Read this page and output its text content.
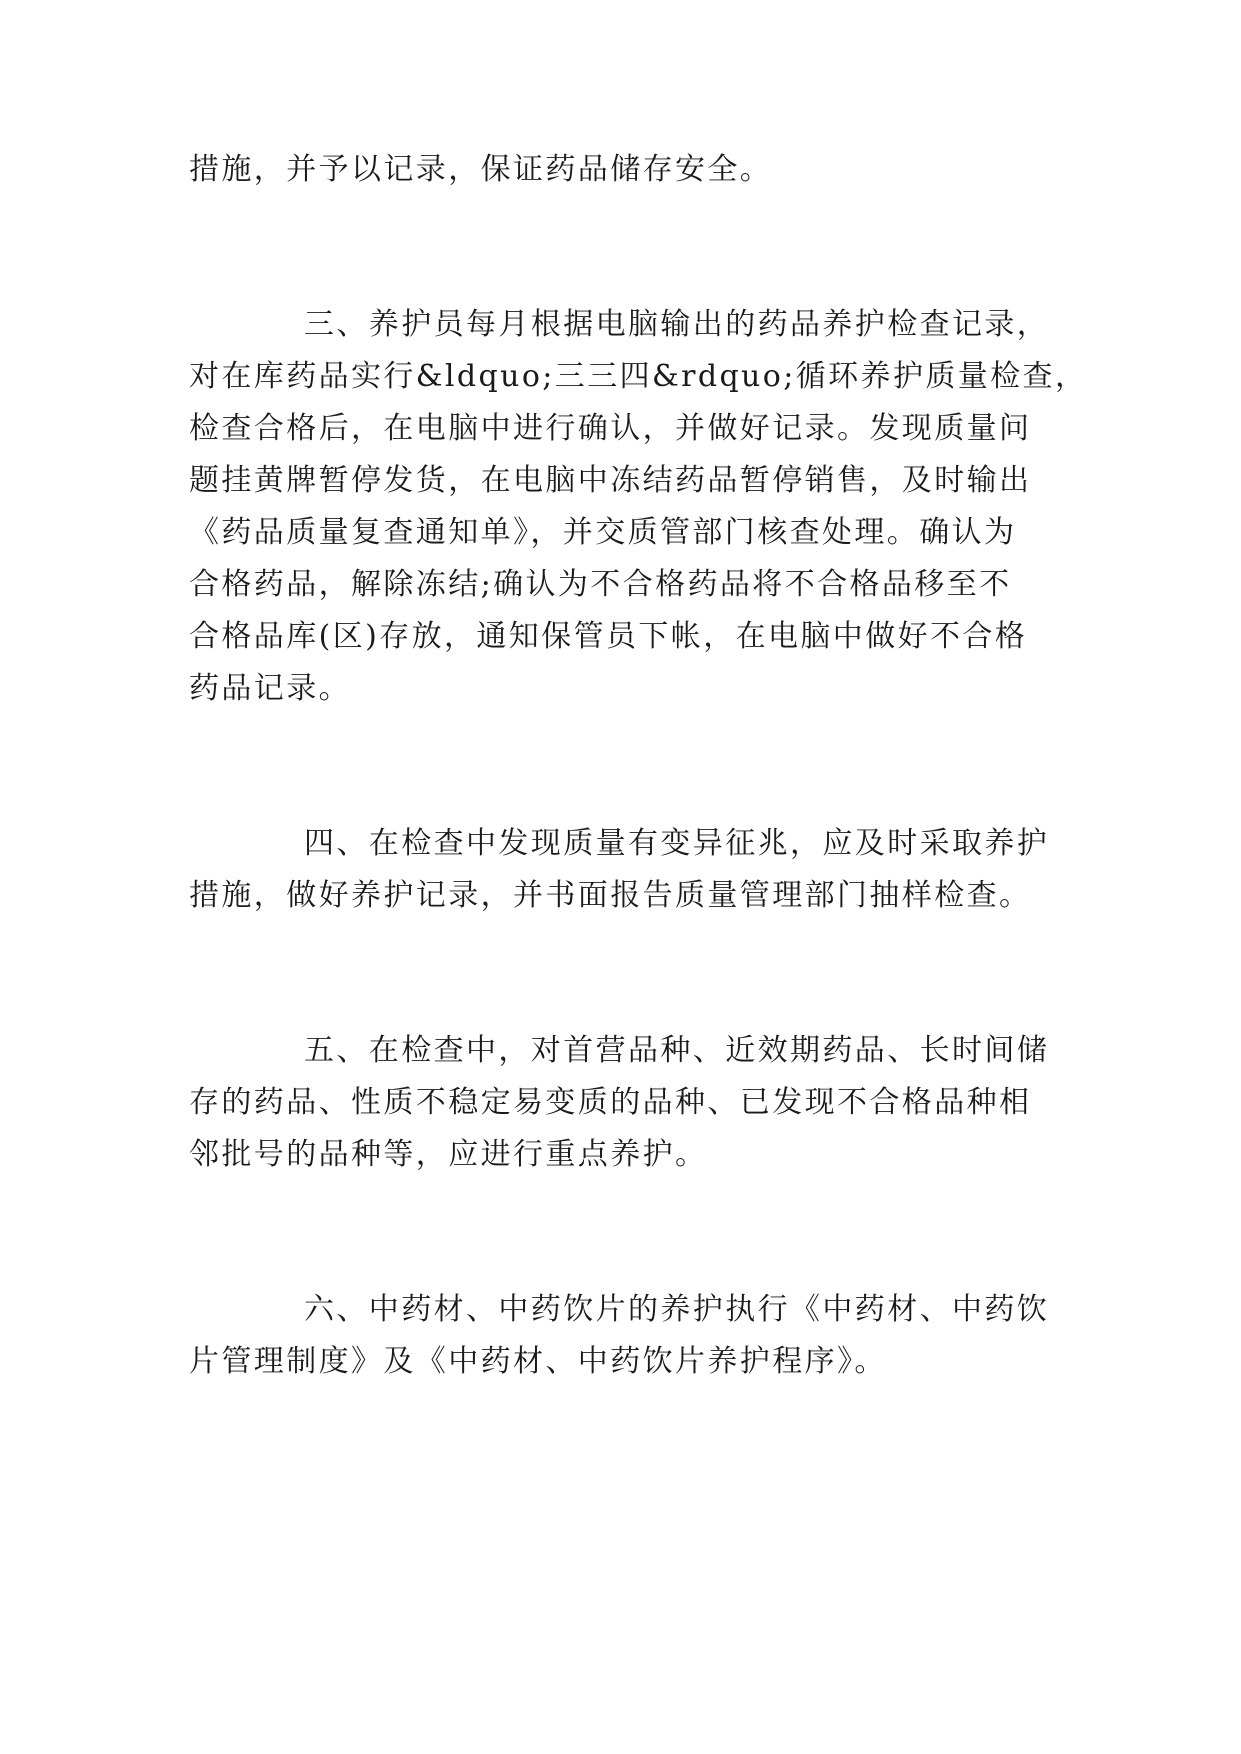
措施，并予以记录，保证药品储存安全。
三、养护员每月根据电脑输出的药品养护检查记录，
对在库药品实行&ldquo;三三四&rdquo;循环养护质量检查，
检查合格后，在电脑中进行确认，并做好记录。发现质量问
题挂黄牌暂停发货，在电脑中冻结药品暂停销售，及时输出
《药品质量复查通知单》，并交质管部门核查处理。确认为
合格药品，解除冻结;确认为不合格药品将不合格品移至不
合格品库(区)存放，通知保管员下帐，在电脑中做好不合格
药品记录。
四、在检查中发现质量有变异征兆，应及时采取养护
措施，做好养护记录，并书面报告质量管理部门抽样检查。
五、在检查中，对首营品种、近效期药品、长时间储
存的药品、性质不稳定易变质的品种、已发现不合格品种相
邻批号的品种等，应进行重点养护。
六、中药材、中药饮片的养护执行《中药材、中药饮
片管理制度》及《中药材、中药饮片养护程序》。
